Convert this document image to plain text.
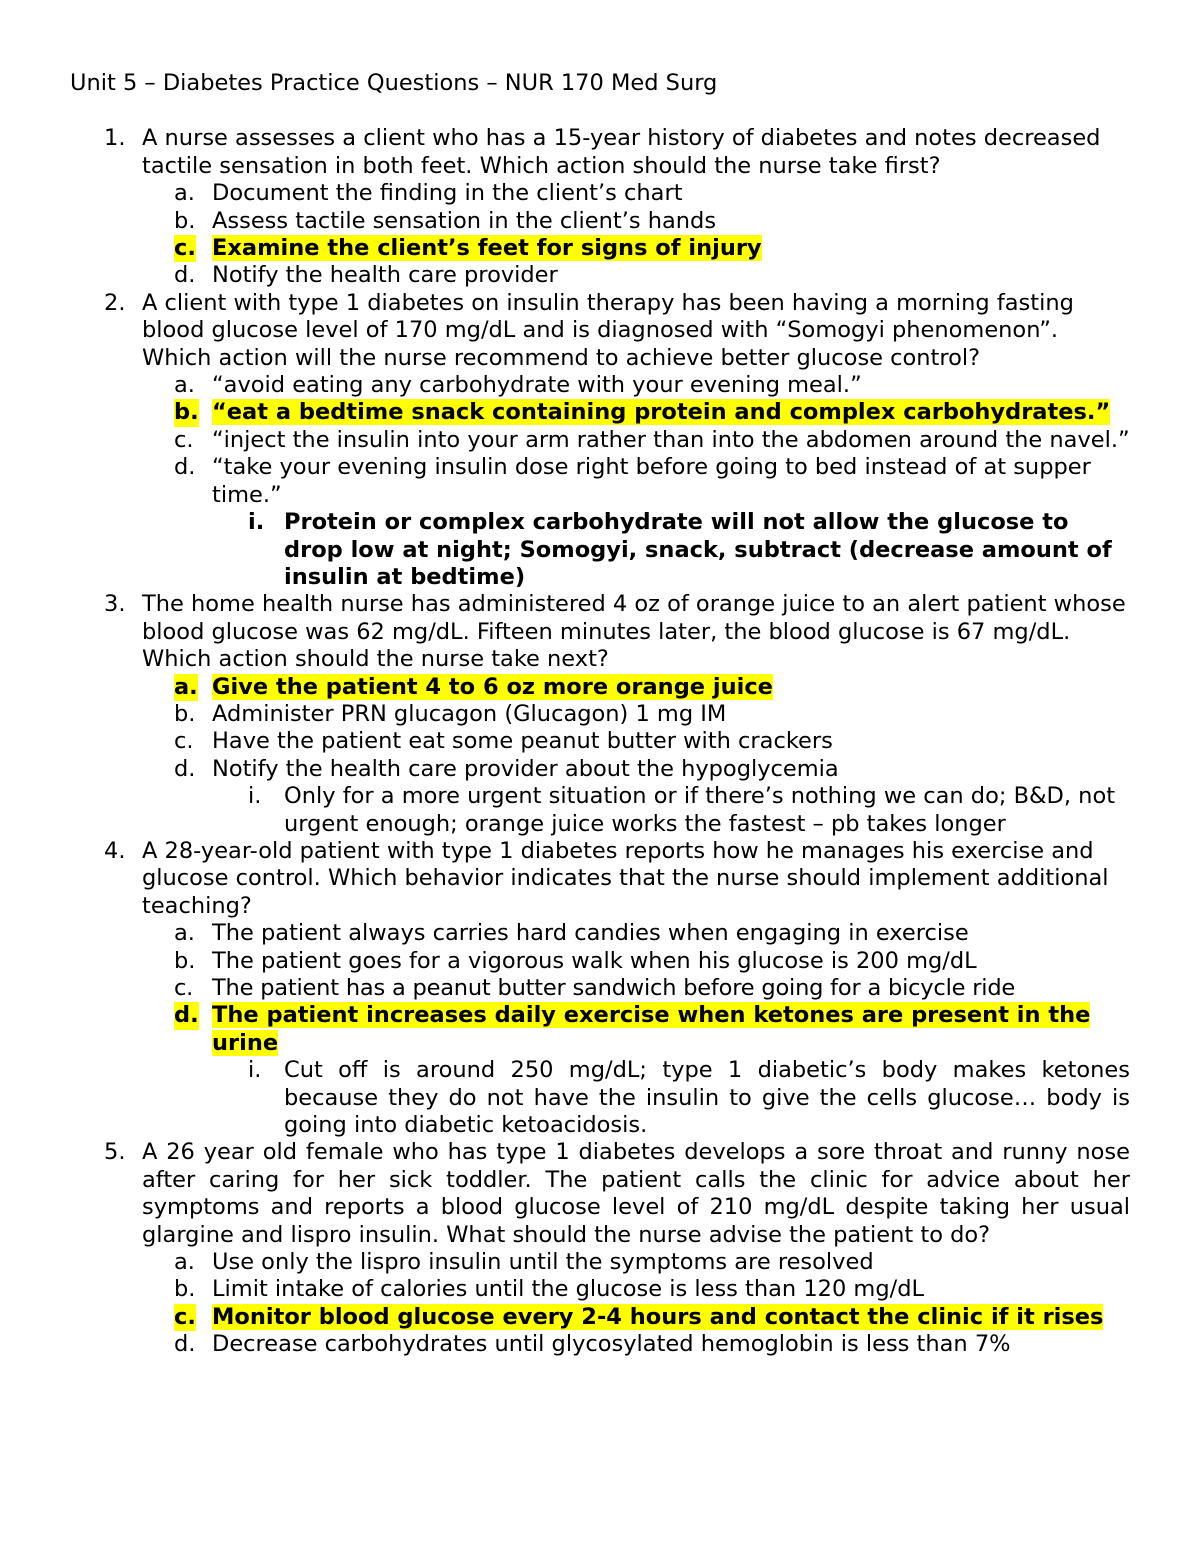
Unit 5 – Diabetes Practice Questions – NUR 170 Med Surg
1. A nurse assesses a client who has a 15-year history of diabetes and notes decreased tactile sensation in both feet. Which action should the nurse take first?
a. Document the finding in the client’s chart
b. Assess tactile sensation in the client’s hands
c. Examine the client’s feet for signs of injury
d. Notify the health care provider
2. A client with type 1 diabetes on insulin therapy has been having a morning fasting blood glucose level of 170 mg/dL and is diagnosed with “Somogyi phenomenon”. Which action will the nurse recommend to achieve better glucose control?
a. “avoid eating any carbohydrate with your evening meal.”
b. “eat a bedtime snack containing protein and complex carbohydrates.”
c. “inject the insulin into your arm rather than into the abdomen around the navel.”
d. “take your evening insulin dose right before going to bed instead of at supper time.”
i. Protein or complex carbohydrate will not allow the glucose to drop low at night; Somogyi, snack, subtract (decrease amount of insulin at bedtime)
3. The home health nurse has administered 4 oz of orange juice to an alert patient whose blood glucose was 62 mg/dL. Fifteen minutes later, the blood glucose is 67 mg/dL. Which action should the nurse take next?
a. Give the patient 4 to 6 oz more orange juice
b. Administer PRN glucagon (Glucagon) 1 mg IM
c. Have the patient eat some peanut butter with crackers
d. Notify the health care provider about the hypoglycemia
i. Only for a more urgent situation or if there’s nothing we can do; B&D, not urgent enough; orange juice works the fastest – pb takes longer
4. A 28-year-old patient with type 1 diabetes reports how he manages his exercise and glucose control. Which behavior indicates that the nurse should implement additional teaching?
a. The patient always carries hard candies when engaging in exercise
b. The patient goes for a vigorous walk when his glucose is 200 mg/dL
c. The patient has a peanut butter sandwich before going for a bicycle ride
d. The patient increases daily exercise when ketones are present in the urine
i. Cut off is around 250 mg/dL; type 1 diabetic’s body makes ketones because they do not have the insulin to give the cells glucose… body is going into diabetic ketoacidosis.
5. A 26 year old female who has type 1 diabetes develops a sore throat and runny nose after caring for her sick toddler. The patient calls the clinic for advice about her symptoms and reports a blood glucose level of 210 mg/dL despite taking her usual glargine and lispro insulin. What should the nurse advise the patient to do?
a. Use only the lispro insulin until the symptoms are resolved
b. Limit intake of calories until the glucose is less than 120 mg/dL
c. Monitor blood glucose every 2-4 hours and contact the clinic if it rises
d. Decrease carbohydrates until glycosylated hemoglobin is less than 7%
